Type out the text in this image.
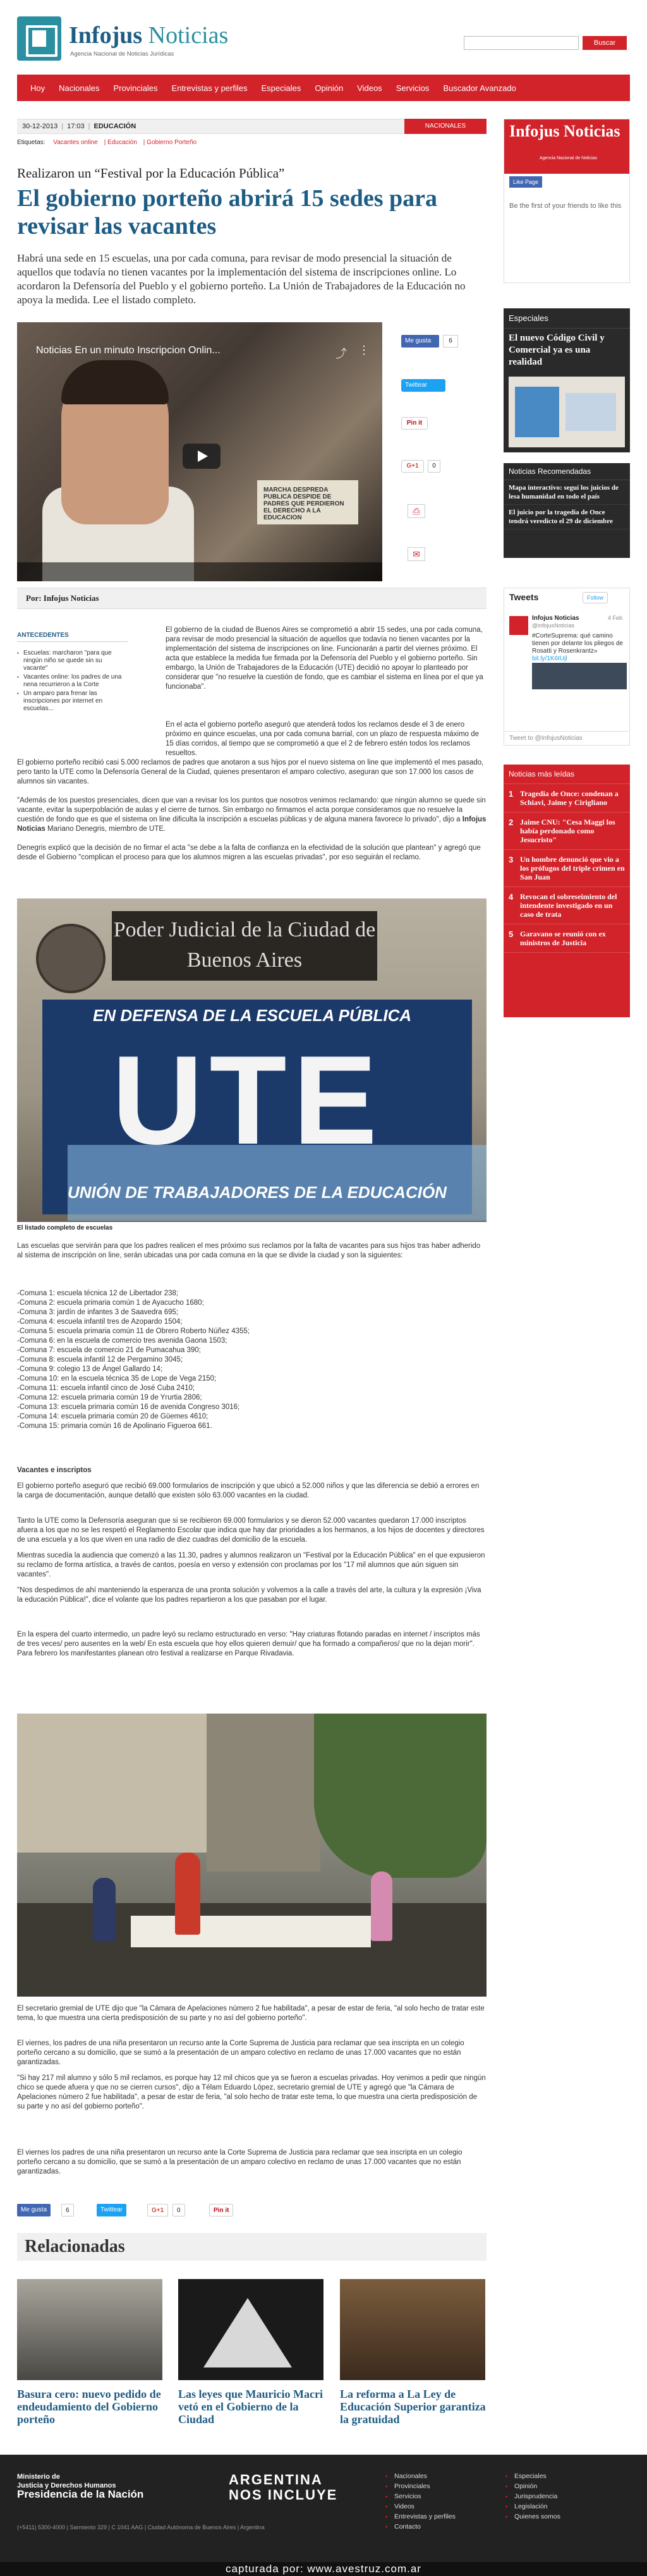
Infojus Noticias
Agencia Nacional de Noticias Jurídicas
Buscar
Hoy	Nacionales	Provinciales	Entrevistas y perfiles	Especiales	Opinión	Videos	Servicios	Buscador Avanzado
30-12-2013 | 17:03 | EDUCACIÓN	NACIONALES
Etiquetas: Vacantes online | Educación | Gobierno Porteño
Realizaron un “Festival por la Educación Pública”
El gobierno porteño abrirá 15 sedes para revisar las vacantes
Habrá una sede en 15 escuelas, una por cada comuna, para revisar de modo presencial la situación de aquellos que todavía no tienen vacantes por la implementación del sistema de inscripciones online. Lo acordaron la Defensoría del Pueblo y el gobierno porteño. La Unión de Trabajadores de la Educación no apoya la medida. Lee el listado completo.
MARCHA DESPREDA PUBLICA DESPIDE DE PADRES QUE PERDIERON EL DERECHO A LA EDUCACION
Noticias En un minuto Inscripcion Onlin...	⤴ ⋮
Me gusta	6
Twittear
Pin it
G+1	0
⎙
✉
Por: Infojus Noticias
ANTECEDENTES
▪ Escuelas: marcharon "para que ningún niño se quede sin su vacante"
▪ Vacantes online: los padres de una nena recurrieron a la Corte
▪ Un amparo para frenar las inscripciones por internet en escuelas...
El gobierno de la ciudad de Buenos Aires se comprometió a abrir 15 sedes, una por cada comuna, para revisar de modo presencial la situación de aquellos que todavía no tienen vacantes por la implementación del sistema de inscripciones on line. Funcionarán a partir del viernes próximo. El acta que establece la medida fue firmada por la Defensoría del Pueblo y el gobierno porteño. Sin embargo, la Unión de Trabajadores de la Educación (UTE) decidió no apoyar lo planteado por considerar que "no resuelve la cuestión de fondo, que es cambiar el sistema en línea por el que ya funcionaba".

En el acta el gobierno porteño aseguró que atenderá todos los reclamos desde el 3 de enero próximo en quince escuelas, una por cada comuna barrial, con un plazo de respuesta máximo de 15 días corridos, al tiempo que se comprometió a que el 2 de febrero estén todos los reclamos resueltos.

El gobierno porteño recibió casi 5.000 reclamos de padres que anotaron a sus hijos por el nuevo sistema on line que implementó el mes pasado, pero tanto la UTE como la Defensoría General de la Ciudad, quienes presentaron el amparo colectivo, aseguran que son 17.000 los casos de alumnos sin vacantes.

"Además de los puestos presenciales, dicen que van a revisar los los puntos que nosotros venimos reclamando: que ningún alumno se quede sin vacante, evitar la superpoblación de aulas y el cierre de turnos. Sin embargo no firmamos el acta porque consideramos que no resuelve la cuestión de fondo que es que el sistema on line dificulta la inscripción a escuelas públicas y de alguna manera favorece lo privado", dijo a Infojus Noticias Mariano Denegris, miembro de UTE.

Denegris explicó que la decisión de no firmar el acta "se debe a la falta de confianza en la efectividad de la solución que plantean" y agregó que desde el Gobierno "complican el proceso para que los alumnos migren a las escuelas privadas", por eso seguirán el reclamo.

Poder Judicial de la Ciudad de Buenos Aires
EN DEFENSA DE LA ESCUELA PÚBLICA
UTE
UNIÓN DE TRABAJADORES DE LA EDUCACIÓN
El listado completo de escuelas
Las escuelas que servirán para que los padres realicen el mes próximo sus reclamos por la falta de vacantes para sus hijos tras haber adherido al sistema de inscripción on line, serán ubicadas una por cada comuna en la que se divide la ciudad y son la siguientes:
-Comuna 1: escuela técnica 12 de Libertador 238;
-Comuna 2: escuela primaria común 1 de Ayacucho 1680;
-Comuna 3: jardín de infantes 3 de Saavedra 695;
-Comuna 4: escuela infantil tres de Azopardo 1504;
-Comuna 5: escuela primaria común 11 de Obrero Roberto Núñez 4355;
-Comuna 6: en la escuela de comercio tres avenida Gaona 1503;
-Comuna 7: escuela de comercio 21 de Pumacahua 390;
-Comuna 8: escuela infantil 12 de Pergamino 3045;
-Comuna 9: colegio 13 de Ángel Gallardo 14;
-Comuna 10: en la escuela técnica 35 de Lope de Vega 2150;
-Comuna 11: escuela infantil cinco de José Cuba 2410;
-Comuna 12: escuela primaria común 19 de Yrurtia 2806;
-Comuna 13: escuela primaria común 16 de avenida Congreso 3016;
-Comuna 14: escuela primaria común 20 de Güemes 4610;
-Comuna 15: primaria común 16 de Apolinario Figueroa 661.
Vacantes e inscriptos
El gobierno porteño aseguró que recibió 69.000 formularios de inscripción y que ubicó a 52.000 niños y que las diferencia se debió a errores en la carga de documentación, aunque detalló que existen sólo 63.000 vacantes en la ciudad.
Tanto la UTE como la Defensoría aseguran que si se recibieron 69.000 formularios y se dieron 52.000 vacantes quedaron 17.000 inscriptos afuera a los que no se les respetó el Reglamento Escolar que indica que hay dar prioridades a los hermanos, a los hijos de docentes y directores de una escuela y a los que viven en una radio de diez cuadras del domicilio de la escuela.
Mientras sucedía la audiencia que comenzó a las 11.30, padres y alumnos realizaron un "Festival por la Educación Pública" en el que expusieron su reclamo de forma artística, a través de cantos, poesía en verso y extensión con proclamas por los "17 mil alumnos que aún siguen sin vacantes".
"Nos despedimos de ahí manteniendo la esperanza de una pronta solución y volvemos a la calle a través del arte, la cultura y la expresión ¡Viva la educación Pública!", dice el volante que los padres repartieron a los que pasaban por el lugar.
En la espera del cuarto intermedio, un padre leyó su reclamo estructurado en verso: "Hay criaturas flotando paradas en internet / inscriptos más de tres veces/ pero ausentes en la web/ En esta escuela que hoy ellos quieren demuir/ que ha formado a compañeros/ que no la dejan morir". Para febrero los manifestantes planean otro festival a realizarse en Parque Rivadavia.
El secretario gremial de UTE dijo que "la Cámara de Apelaciones número 2 fue habilitada", a pesar de estar de feria, "al solo hecho de tratar este tema, lo que muestra una cierta predisposición de su parte y no así del gobierno porteño".
El viernes, los padres de una niña presentaron un recurso ante la Corte Suprema de Justicia para reclamar que sea inscripta en un colegio porteño cercano a su domicilio, que se sumó a la presentación de un amparo colectivo en reclamo de unas 17.000 vacantes que no están garantizadas.
"Si hay 217 mil alumno y sólo 5 mil reclamos, es porque hay 12 mil chicos que ya se fueron a escuelas privadas. Hoy venimos a pedir que ningún chico se quede afuera y que no se cierren cursos", dijo a Télam Eduardo López, secretario gremial de UTE y agregó que "la Cámara de Apelaciones número 2 fue habilitada", a pesar de estar de feria, "al solo hecho de tratar este tema, lo que muestra una cierta predisposición de su parte y no así del gobierno porteño".
El viernes los padres de una niña presentaron un recurso ante la Corte Suprema de Justicia para reclamar que sea inscripta en un colegio porteño cercano a su domicilio, que se sumó a la presentación de un amparo colectivo en reclamo de unas 17.000 vacantes que no están garantizadas.
Me gusta	6	Twittear	G+1	0	Pin it
Relacionadas
Basura cero: nuevo pedido de endeudamiento del Gobierno porteño
Las leyes que Mauricio Macri vetó en el Gobierno de la Ciudad
La reforma a La Ley de Educación Superior garantiza la gratuidad
Infojus Noticias
Agencia Nacional de Noticias
Like Page
Be the first of your friends to like this
Especiales
El nuevo Código Civil y Comercial ya es una realidad
Noticias Recomendadas
Mapa interactivo: seguí los juicios de lesa humanidad en todo el país
El juicio por la tragedia de Once tendrá veredicto el 29 de diciembre
Tweets	Follow
Infojus Noticias
@infojusNoticias
4 Feb
#CorteSuprema: qué camino tienen por delante los pliegos de Rosatti y Rosenkrantz» bit.ly/1K6IUjl
Tweet to @InfojusNoticias
Noticias más leídas
1 Tragedia de Once: condenan a Schiavi, Jaime y Cirigliano
2 Jaime CNU: "Cesa Maggi los había perdonado como Jesucristo"
3 Un hombre denunció que vio a los prófugos del triple crimen en San Juan
4 Revocan el sobreseimiento del intendente investigado en un caso de trata
5 Garavano se reunió con ex ministros de Justicia
Ministerio de
Justicia y Derechos Humanos
Presidencia de la Nación
ARGENTINA
NOS INCLUYE
(+5411) 5300-4000 | Sarmiento 329 | C 1041 AAG | Ciudad Autónoma de Buenos Aires | Argentina
▪ Nacionales
▪ Provinciales
▪ Servicios
▪ Videos
▪ Entrevistas y perfiles
▪ Contacto
▪ Especiales
▪ Opinión
▪ Jurisprudencia
▪ Legislación
▪ Quienes somos
capturada por: www.avestruz.com.ar
